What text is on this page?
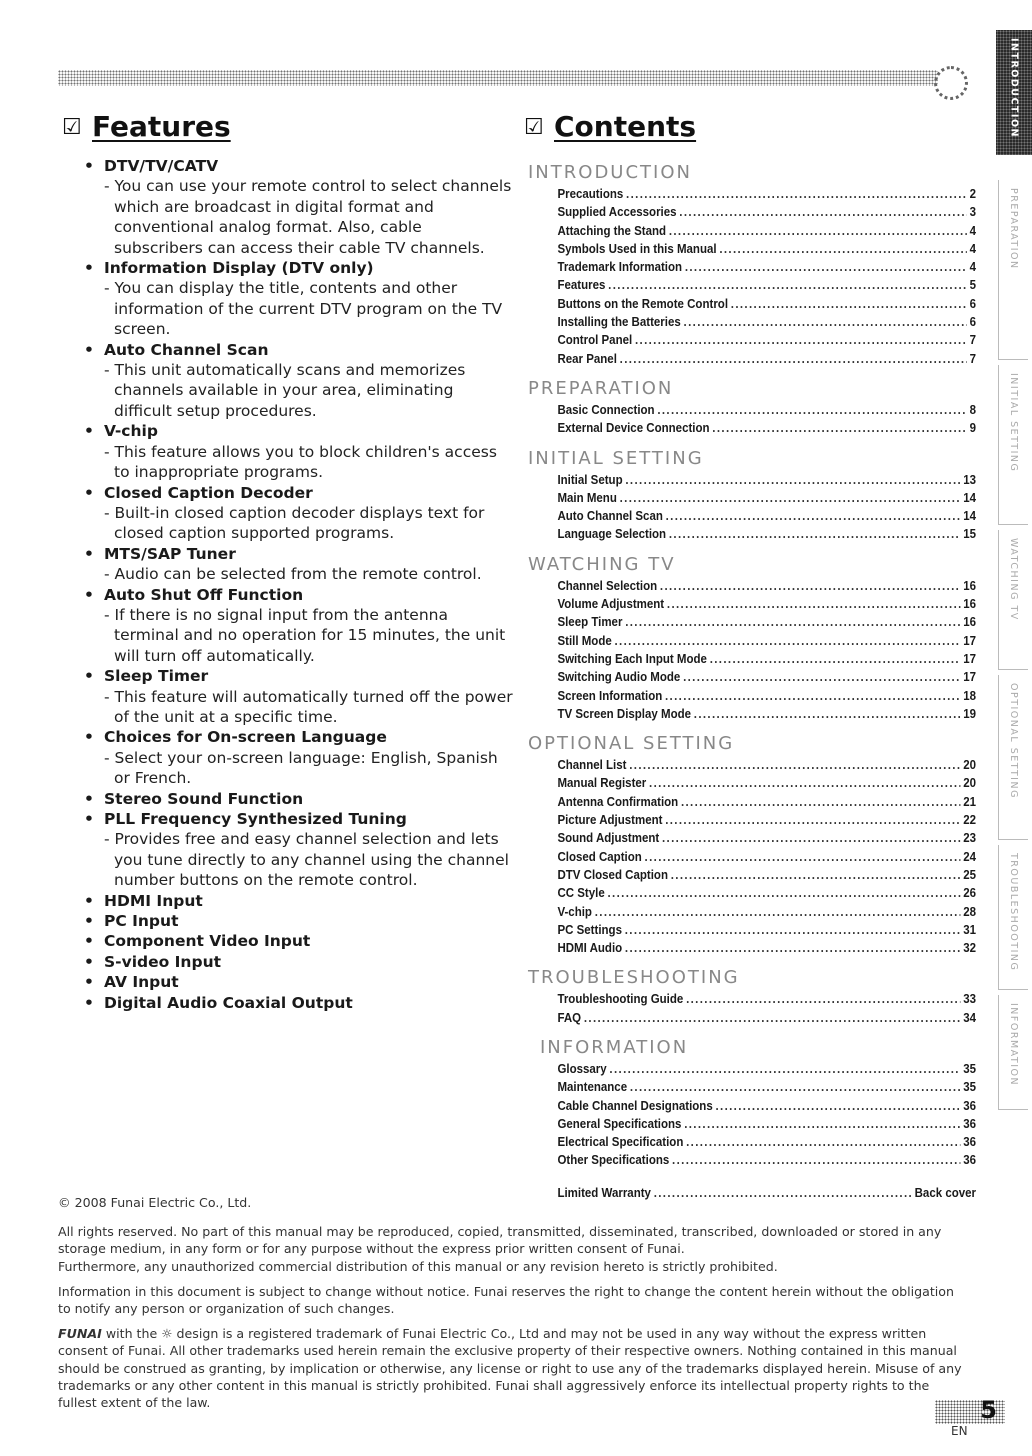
☑ Features
• DTV/TV/CATV
- You can use your remote control to select channels which are broadcast in digital format and conventional analog format. Also, cable subscribers can access their cable TV channels.
• Information Display (DTV only)
- You can display the title, contents and other information of the current DTV program on the TV screen.
• Auto Channel Scan
- This unit automatically scans and memorizes channels available in your area, eliminating difficult setup procedures.
• V-chip
- This feature allows you to block children's access to inappropriate programs.
• Closed Caption Decoder
- Built-in closed caption decoder displays text for closed caption supported programs.
• MTS/SAP Tuner
- Audio can be selected from the remote control.
• Auto Shut Off Function
- If there is no signal input from the antenna terminal and no operation for 15 minutes, the unit will turn off automatically.
• Sleep Timer
- This feature will automatically turned off the power of the unit at a specific time.
• Choices for On-screen Language
- Select your on-screen language: English, Spanish or French.
• Stereo Sound Function
• PLL Frequency Synthesized Tuning
- Provides free and easy channel selection and lets you tune directly to any channel using the channel number buttons on the remote control.
• HDMI Input
• PC Input
• Component Video Input
• S-video Input
• AV Input
• Digital Audio Coaxial Output
☑ Contents
INTRODUCTION
Precautions . . .	2
Supplied Accessories . . .	3
Attaching the Stand . . .	4
Symbols Used in this Manual . . .	4
Trademark Information . . .	4
Features . . .	5
Buttons on the Remote Control . . .	6
Installing the Batteries . . .	6
Control Panel . . .	7
Rear Panel . . .	7
PREPARATION
Basic Connection . . .	8
External Device Connection . . .	9
INITIAL SETTING
Initial Setup . . .	13
Main Menu . . .	14
Auto Channel Scan . . .	14
Language Selection . . .	15
WATCHING TV
Channel Selection . . .	16
Volume Adjustment . . .	16
Sleep Timer . . .	16
Still Mode . . .	17
Switching Each Input Mode . . .	17
Switching Audio Mode . . .	17
Screen Information . . .	18
TV Screen Display Mode . . .	19
OPTIONAL SETTING
Channel List . . .	20
Manual Register . . .	20
Antenna Confirmation . . .	21
Picture Adjustment . . .	22
Sound Adjustment . . .	23
Closed Caption . . .	24
DTV Closed Caption . . .	25
CC Style . . .	26
V-chip . . .	28
PC Settings . . .	31
HDMI Audio . . .	32
TROUBLESHOOTING
Troubleshooting Guide . . .	33
FAQ . . .	34
INFORMATION
Glossary . . .	35
Maintenance . . .	35
Cable Channel Designations . . .	36
General Specifications . . .	36
Electrical Specification . . .	36
Other Specifications . . .	36
Limited Warranty . . .	Back cover
INTRODUCTION
PREPARATION
INITIAL SETTING
WATCHING TV
OPTIONAL SETTING
TROUBLESHOOTING
INFORMATION

© 2008 Funai Electric Co., Ltd.

All rights reserved. No part of this manual may be reproduced, copied, transmitted, disseminated, transcribed, downloaded or stored in any storage medium, in any form or for any purpose without the express prior written consent of Funai.
Furthermore, any unauthorized commercial distribution of this manual or any revision hereto is strictly prohibited.

Information in this document is subject to change without notice. Funai reserves the right to change the content herein without the obligation to notify any person or organization of such changes.

FUNAI with the ☼ design is a registered trademark of Funai Electric Co., Ltd and may not be used in any way without the express written consent of Funai. All other trademarks used herein remain the exclusive property of their respective owners. Nothing contained in this manual should be construed as granting, by implication or otherwise, any license or right to use any of the trademarks displayed herein. Misuse of any trademarks or any other content in this manual is strictly prohibited. Funai shall aggressively enforce its intellectual property rights to the fullest extent of the law.	5
EN
